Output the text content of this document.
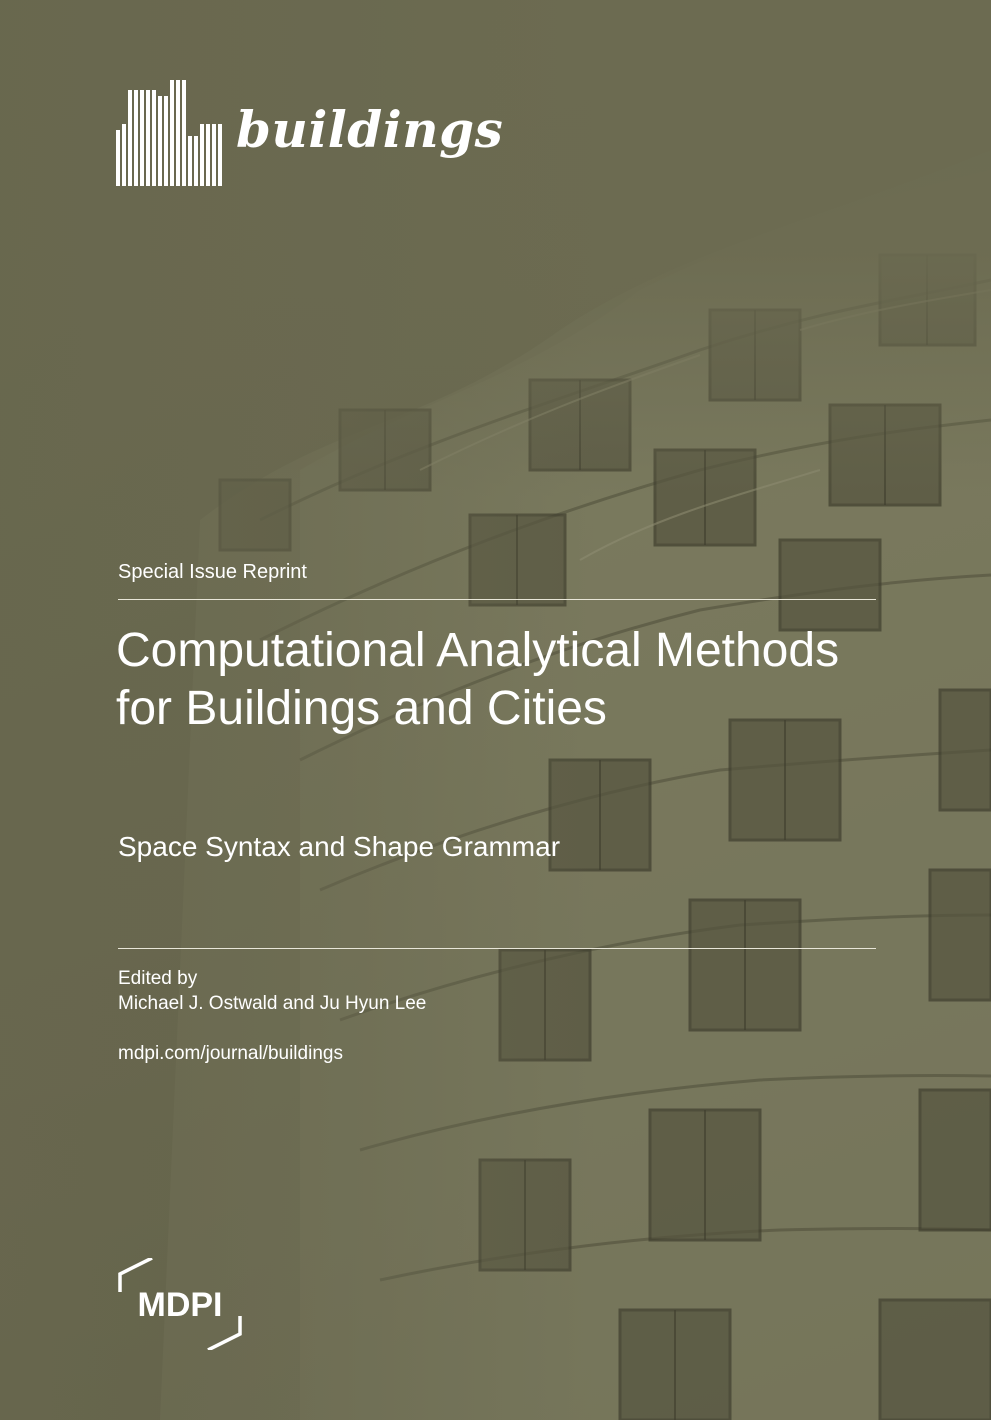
buildings
Special Issue Reprint
Computational Analytical Methods for Buildings and Cities
Space Syntax and Shape Grammar
Edited by
Michael J. Ostwald and Ju Hyun Lee
mdpi.com/journal/buildings
MDPI
